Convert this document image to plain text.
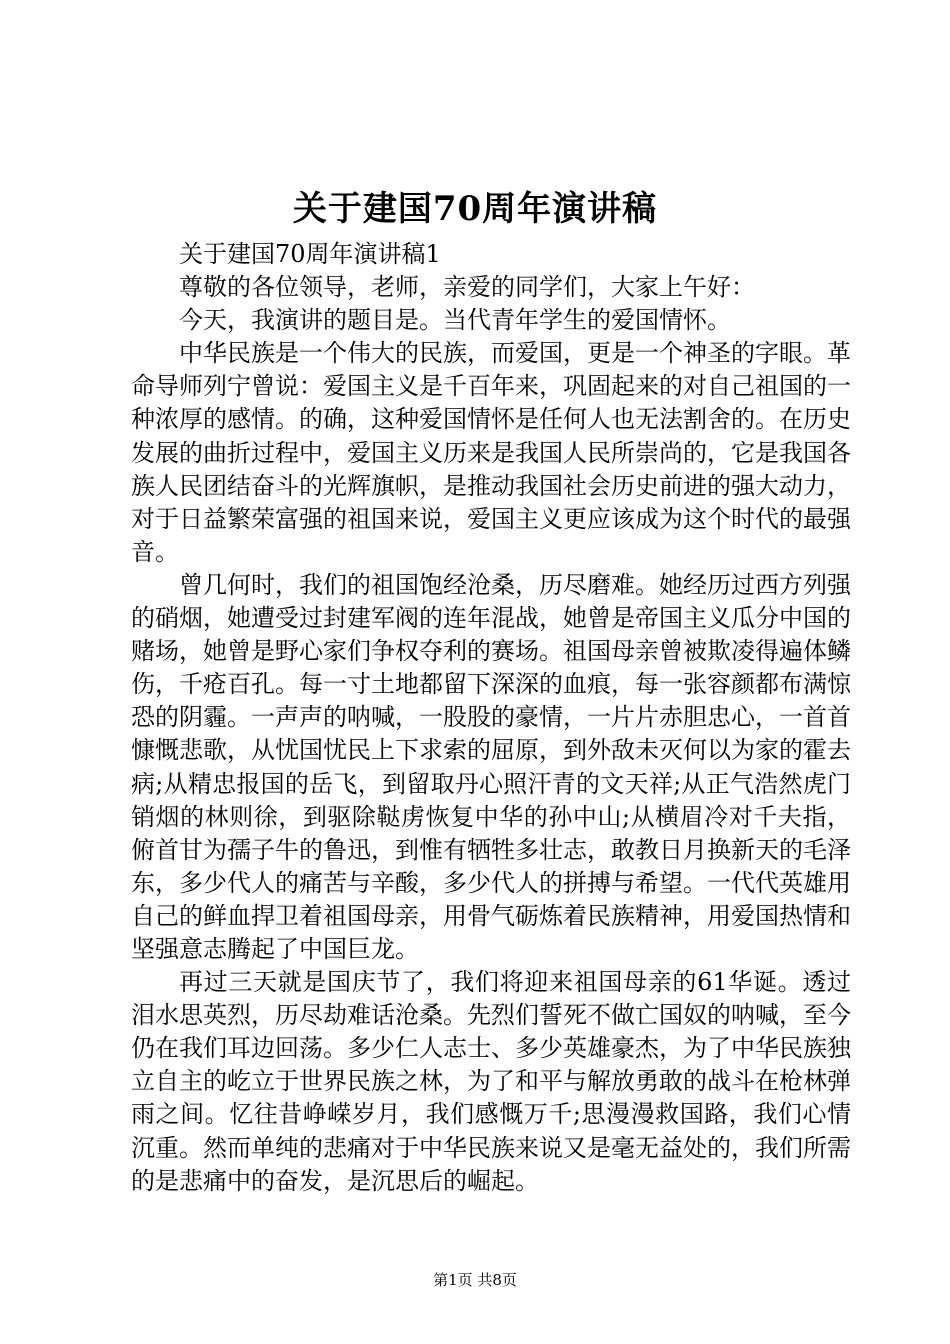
关于建国70周年演讲稿

关于建国70周年演讲稿1

尊敬的各位领导，老师，亲爱的同学们，大家上午好：

今天，我演讲的题目是。当代青年学生的爱国情怀。

中华民族是一个伟大的民族，而爱国，更是一个神圣的字眼。革命导师列宁曾说：爱国主义是千百年来，巩固起来的对自己祖国的一种浓厚的感情。的确，这种爱国情怀是任何人也无法割舍的。在历史发展的曲折过程中，爱国主义历来是我国人民所崇尚的，它是我国各族人民团结奋斗的光辉旗帜，是推动我国社会历史前进的强大动力，对于日益繁荣富强的祖国来说，爱国主义更应该成为这个时代的最强音。

曾几何时，我们的祖国饱经沧桑，历尽磨难。她经历过西方列强的硝烟，她遭受过封建军阀的连年混战，她曾是帝国主义瓜分中国的赌场，她曾是野心家们争权夺利的赛场。祖国母亲曾被欺凌得遍体鳞伤，千疮百孔。每一寸土地都留下深深的血痕，每一张容颜都布满惊恐的阴霾。一声声的呐喊，一股股的豪情，一片片赤胆忠心，一首首慷慨悲歌，从忧国忧民上下求索的屈原，到外敌未灭何以为家的霍去病;从精忠报国的岳飞，到留取丹心照汗青的文天祥;从正气浩然虎门销烟的林则徐，到驱除鞑虏恢复中华的孙中山;从横眉冷对千夫指，俯首甘为孺子牛的鲁迅，到惟有牺牲多壮志，敢教日月换新天的毛泽东，多少代人的痛苦与辛酸，多少代人的拼搏与希望。一代代英雄用自己的鲜血捍卫着祖国母亲，用骨气砺炼着民族精神，用爱国热情和坚强意志腾起了中国巨龙。

再过三天就是国庆节了，我们将迎来祖国母亲的61华诞。透过泪水思英烈，历尽劫难话沧桑。先烈们誓死不做亡国奴的呐喊，至今仍在我们耳边回荡。多少仁人志士、多少英雄豪杰，为了中华民族独立自主的屹立于世界民族之林，为了和平与解放勇敢的战斗在枪林弹雨之间。忆往昔峥嵘岁月，我们感慨万千;思漫漫救国路，我们心情沉重。然而单纯的悲痛对于中华民族来说又是毫无益处的，我们所需的是悲痛中的奋发，是沉思后的崛起。

第1页 共8页
